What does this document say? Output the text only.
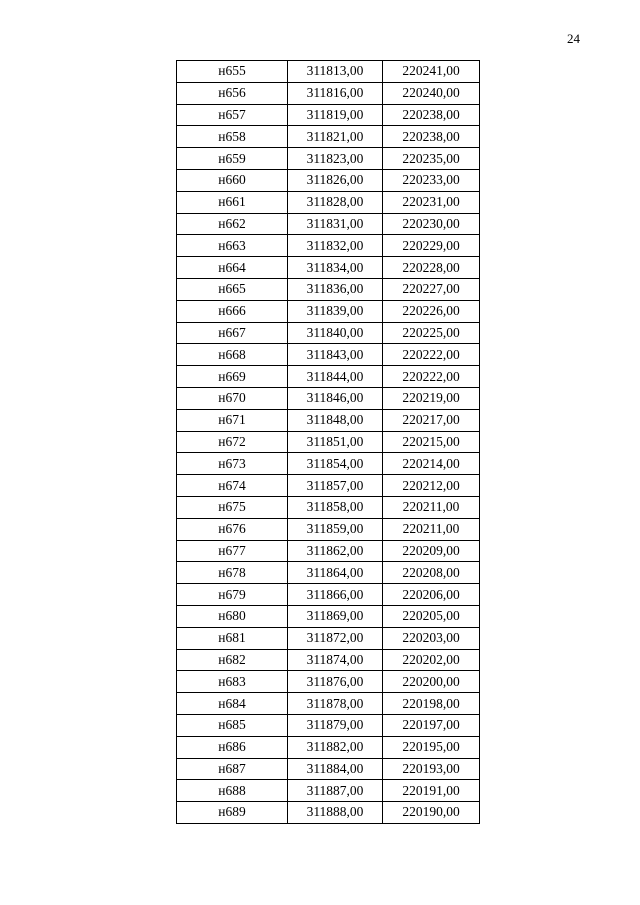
24
н655	311813,00	220241,00
н656	311816,00	220240,00
н657	311819,00	220238,00
н658	311821,00	220238,00
н659	311823,00	220235,00
н660	311826,00	220233,00
н661	311828,00	220231,00
н662	311831,00	220230,00
н663	311832,00	220229,00
н664	311834,00	220228,00
н665	311836,00	220227,00
н666	311839,00	220226,00
н667	311840,00	220225,00
н668	311843,00	220222,00
н669	311844,00	220222,00
н670	311846,00	220219,00
н671	311848,00	220217,00
н672	311851,00	220215,00
н673	311854,00	220214,00
н674	311857,00	220212,00
н675	311858,00	220211,00
н676	311859,00	220211,00
н677	311862,00	220209,00
н678	311864,00	220208,00
н679	311866,00	220206,00
н680	311869,00	220205,00
н681	311872,00	220203,00
н682	311874,00	220202,00
н683	311876,00	220200,00
н684	311878,00	220198,00
н685	311879,00	220197,00
н686	311882,00	220195,00
н687	311884,00	220193,00
н688	311887,00	220191,00
н689	311888,00	220190,00
